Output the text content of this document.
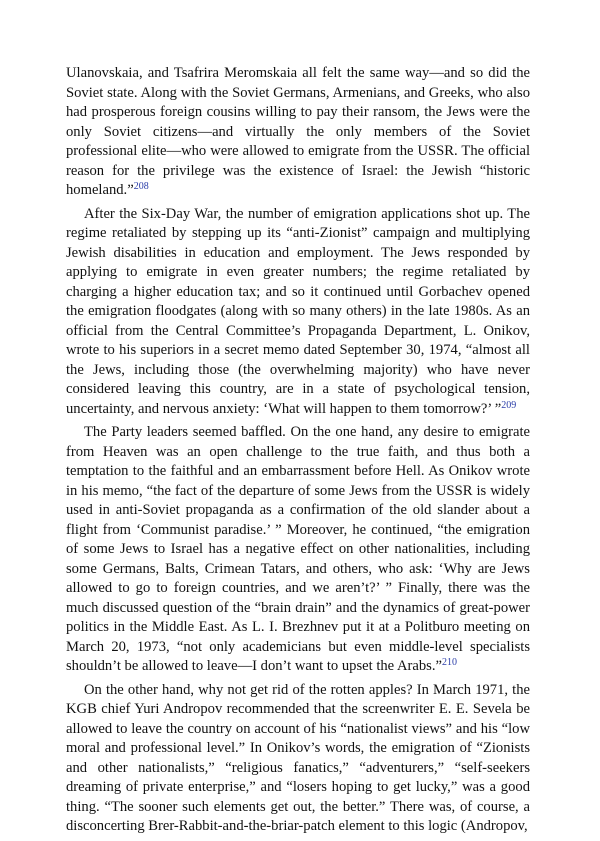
Ulanovskaia, and Tsafrira Meromskaia all felt the same way—and so did the Soviet state. Along with the Soviet Germans, Armenians, and Greeks, who also had prosperous foreign cousins willing to pay their ransom, the Jews were the only Soviet citizens—and virtually the only members of the Soviet professional elite—who were allowed to emigrate from the USSR. The official reason for the privilege was the existence of Israel: the Jewish “historic homeland.”$^{208}$

After the Six-Day War, the number of emigration applications shot up. The regime retaliated by stepping up its “anti-Zionist” campaign and multiplying Jewish disabilities in education and employment. The Jews responded by applying to emigrate in even greater numbers; the regime retaliated by charging a higher education tax; and so it continued until Gorbachev opened the emigration floodgates (along with so many others) in the late 1980s. As an official from the Central Committee’s Propaganda Department, L. Onikov, wrote to his superiors in a secret memo dated September 30, 1974, “almost all the Jews, including those (the overwhelming majority) who have never considered leaving this country, are in a state of psychological tension, uncertainty, and nervous anxiety: ‘What will happen to them tomorrow?’ ”$^{209}$

The Party leaders seemed baffled. On the one hand, any desire to emigrate from Heaven was an open challenge to the true faith, and thus both a temptation to the faithful and an embarrassment before Hell. As Onikov wrote in his memo, “the fact of the departure of some Jews from the USSR is widely used in anti-Soviet propaganda as a confirmation of the old slander about a flight from ‘Communist paradise.’ ” Moreover, he continued, “the emigration of some Jews to Israel has a negative effect on other nationalities, including some Germans, Balts, Crimean Tatars, and others, who ask: ‘Why are Jews allowed to go to foreign countries, and we aren’t?’ ” Finally, there was the much discussed question of the “brain drain” and the dynamics of great-power politics in the Middle East. As L. I. Brezhnev put it at a Politburo meeting on March 20, 1973, “not only academicians but even middle-level specialists shouldn’t be allowed to leave—I don’t want to upset the Arabs.”$^{210}$

On the other hand, why not get rid of the rotten apples? In March 1971, the KGB chief Yuri Andropov recommended that the screenwriter E. E. Sevela be allowed to leave the country on account of his “nationalist views” and his “low moral and professional level.” In Onikov’s words, the emigration of “Zionists and other nationalists,” “religious fanatics,” “adventurers,” “self-seekers dreaming of private enterprise,” and “losers hoping to get lucky,” was a good thing. “The sooner such elements get out, the better.” There was, of course, a disconcerting Brer-Rabbit-and-the-briar-patch element to this logic (Andropov,
